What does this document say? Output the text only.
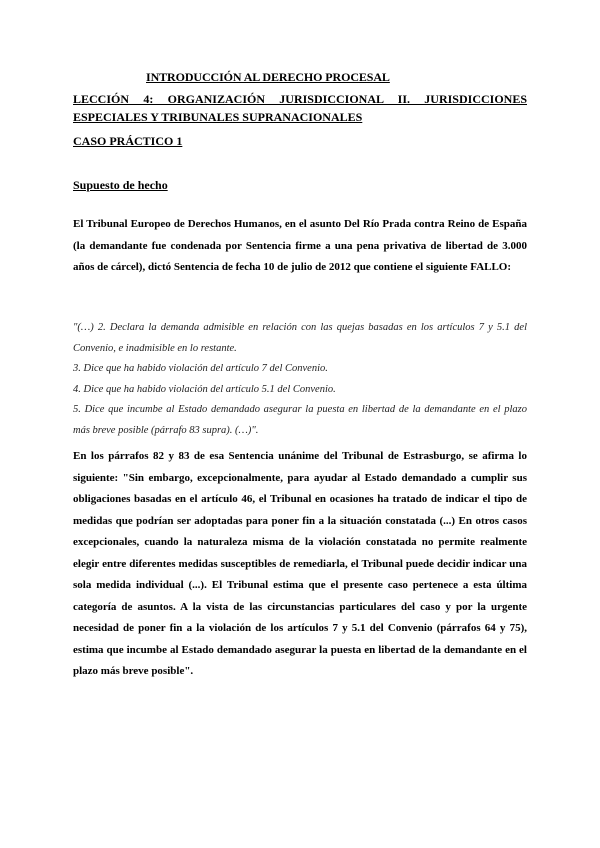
INTRODUCCIÓN AL DERECHO PROCESAL

LECCIÓN 4: ORGANIZACIÓN JURISDICCIONAL II. JURISDICCIONES ESPECIALES Y TRIBUNALES SUPRANACIONALES

CASO PRÁCTICO 1
Supuesto de hecho

El Tribunal Europeo de Derechos Humanos, en el asunto Del Río Prada contra Reino de España (la demandante fue condenada por Sentencia firme a una pena privativa de libertad de 3.000 años de cárcel), dictó Sentencia de fecha 10 de julio de 2012 que contiene el siguiente FALLO:

"(…) 2. Declara la demanda admisible en relación con las quejas basadas en los artículos 7 y 5.1 del Convenio, e inadmisible en lo restante.
3. Dice que ha habido violación del artículo 7 del Convenio.
4. Dice que ha habido violación del artículo 5.1 del Convenio.
5. Dice que incumbe al Estado demandado asegurar la puesta en libertad de la demandante en el plazo más breve posible (párrafo 83 supra). (…)".

En los párrafos 82 y 83 de esa Sentencia unánime del Tribunal de Estrasburgo, se afirma lo siguiente: "Sin embargo, excepcionalmente, para ayudar al Estado demandado a cumplir sus obligaciones basadas en el artículo 46, el Tribunal en ocasiones ha tratado de indicar el tipo de medidas que podrían ser adoptadas para poner fin a la situación constatada (...) En otros casos excepcionales, cuando la naturaleza misma de la violación constatada no permite realmente elegir entre diferentes medidas susceptibles de remediarla, el Tribunal puede decidir indicar una sola medida individual (...). El Tribunal estima que el presente caso pertenece a esta última categoría de asuntos. A la vista de las circunstancias particulares del caso y por la urgente necesidad de poner fin a la violación de los artículos 7 y 5.1 del Convenio (párrafos 64 y 75), estima que incumbe al Estado demandado asegurar la puesta en libertad de la demandante en el plazo más breve posible".
